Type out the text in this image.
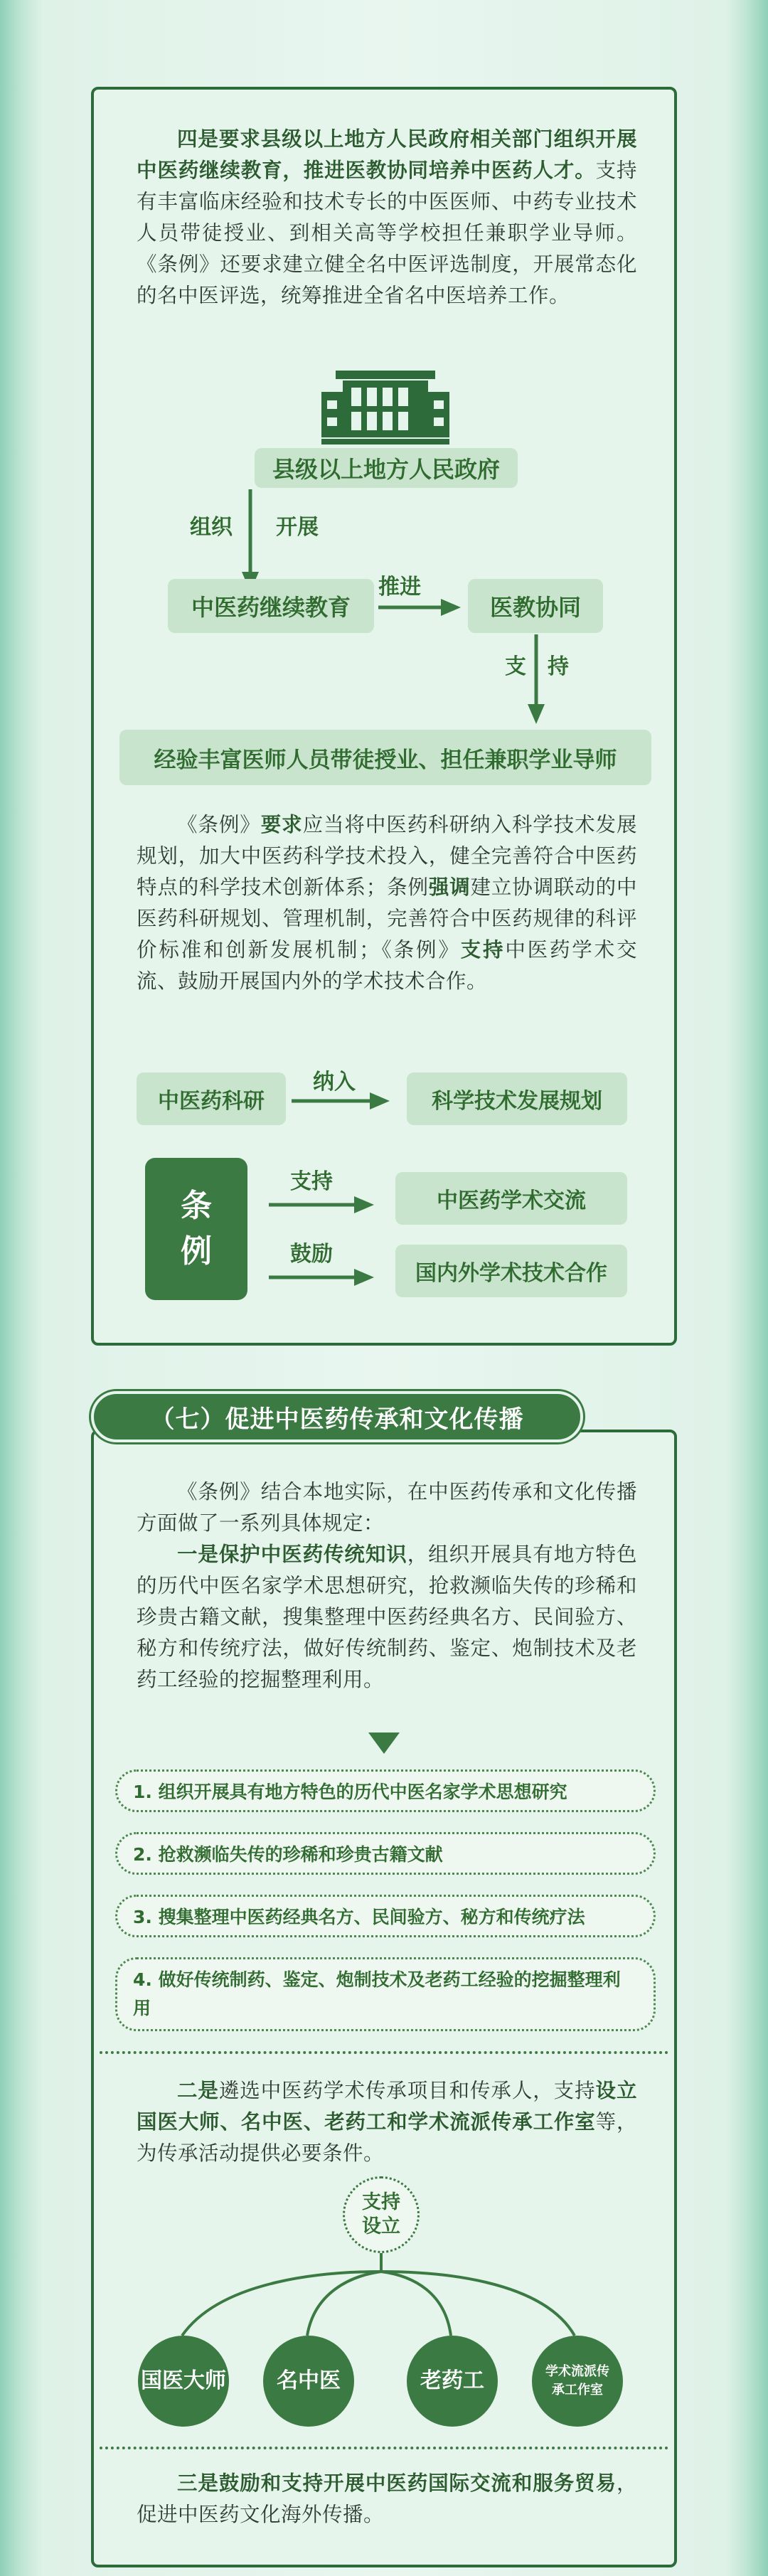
四是要求县级以上地方人民政府相关部门组织开展中医药继续教育，推进医教协同培养中医药人才。支持有丰富临床经验和技术专长的中医医师、中药专业技术人员带徒授业、到相关高等学校担任兼职学业导师。《条例》还要求建立健全名中医评选制度，开展常态化的名中医评选，统筹推进全省名中医培养工作。

县级以上地方人民政府
组织 开展
中医药继续教育
推进
医教协同
支 持
经验丰富医师人员带徒授业、担任兼职学业导师

《条例》要求应当将中医药科研纳入科学技术发展规划，加大中医药科学技术投入，健全完善符合中医药特点的科学技术创新体系；条例强调建立协调联动的中医药科研规划、管理机制，完善符合中医药规律的科评价标准和创新发展机制；《条例》支持中医药学术交流、鼓励开展国内外的学术技术合作。

中医药科研
纳入
科学技术发展规划
条
例
支持
中医药学术交流
鼓励
国内外学术技术合作

《条例》结合本地实际，在中医药传承和文化传播方面做了一系列具体规定：

一是保护中医药传统知识，组织开展具有地方特色的历代中医名家学术思想研究，抢救濒临失传的珍稀和珍贵古籍文献，搜集整理中医药经典名方、民间验方、秘方和传统疗法，做好传统制药、鉴定、炮制技术及老药工经验的挖掘整理利用。

1. 组织开展具有地方特色的历代中医名家学术思想研究
2. 抢救濒临失传的珍稀和珍贵古籍文献
3. 搜集整理中医药经典名方、民间验方、秘方和传统疗法
4. 做好传统制药、鉴定、炮制技术及老药工经验的挖掘整理利用

二是遴选中医药学术传承项目和传承人，支持设立国医大师、名中医、老药工和学术流派传承工作室等，为传承活动提供必要条件。

支持
设立
国医大师	名中医	老药工	学术流派传承工作室

三是鼓励和支持开展中医药国际交流和服务贸易，促进中医药文化海外传播。

（七）促进中医药传承和文化传播
